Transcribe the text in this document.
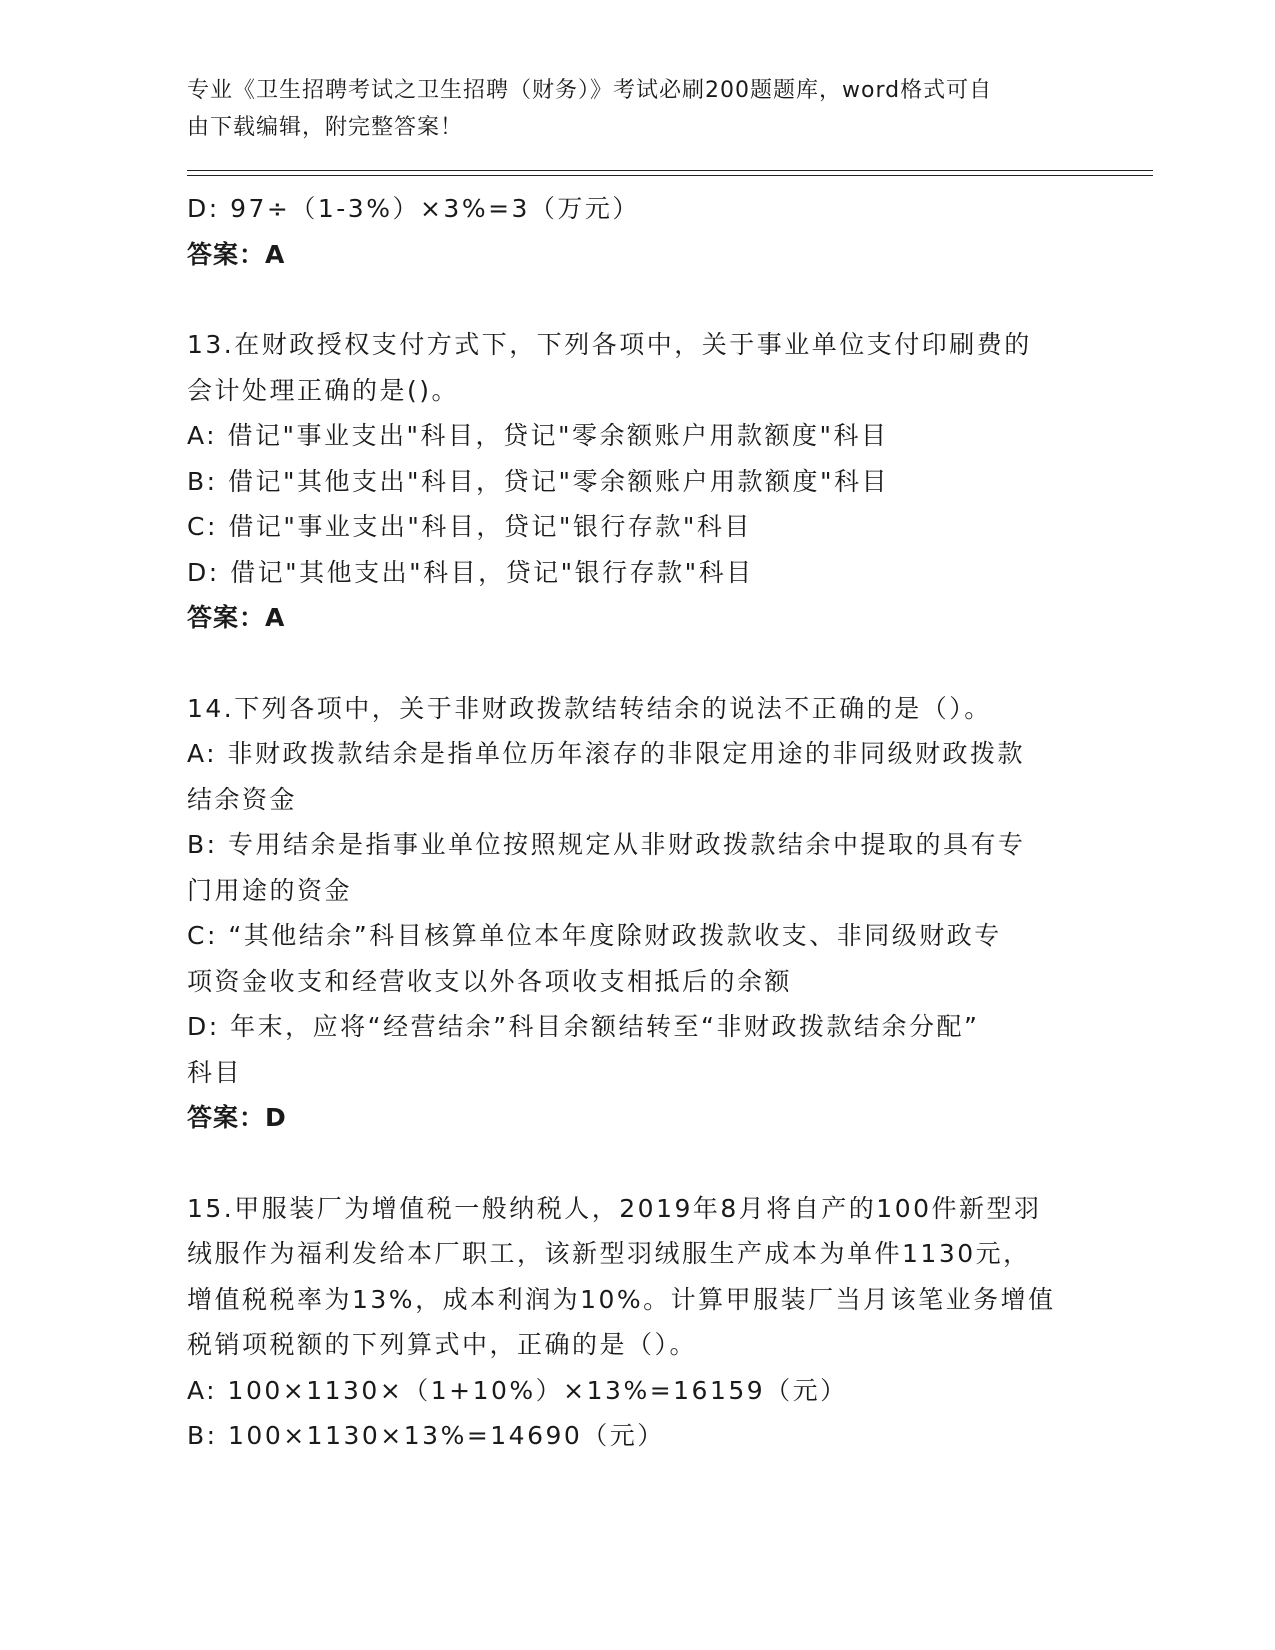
专业《卫生招聘考试之卫生招聘（财务）》考试必刷200题题库，word格式可自
由下载编辑，附完整答案！
D: 97÷（1-3%）×3%=3（万元）
答案：A
13.在财政授权支付方式下，下列各项中，关于事业单位支付印刷费的
会计处理正确的是()。
A: 借记"事业支出"科目，贷记"零余额账户用款额度"科目
B: 借记"其他支出"科目，贷记"零余额账户用款额度"科目
C: 借记"事业支出"科目，贷记"银行存款"科目
D: 借记"其他支出"科目，贷记"银行存款"科目
答案：A
14.下列各项中，关于非财政拨款结转结余的说法不正确的是（）。
A: 非财政拨款结余是指单位历年滚存的非限定用途的非同级财政拨款
结余资金
B: 专用结余是指事业单位按照规定从非财政拨款结余中提取的具有专
门用途的资金
C: “其他结余”科目核算单位本年度除财政拨款收支、非同级财政专
项资金收支和经营收支以外各项收支相抵后的余额
D: 年末，应将“经营结余”科目余额结转至“非财政拨款结余分配”
科目
答案：D
15.甲服装厂为增值税一般纳税人，2019年8月将自产的100件新型羽
绒服作为福利发给本厂职工，该新型羽绒服生产成本为单件1130元，
增值税税率为13%，成本利润为10%。计算甲服装厂当月该笔业务增值
税销项税额的下列算式中，正确的是（）。
A: 100×1130×（1+10%）×13%=16159（元）
B: 100×1130×13%=14690（元）
